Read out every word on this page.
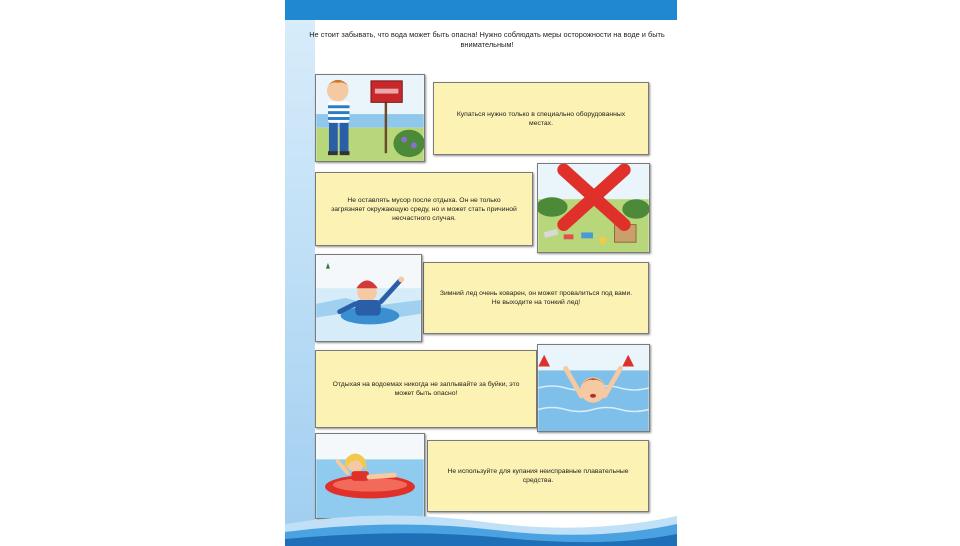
Не стоит забывать, что вода может быть опасна! Нужно соблюдать меры осторожности на воде и быть внимательным!
Купаться нужно только в специально оборудованных местах.
Не оставлять мусор после отдыха. Он не только загрязняет окружающую среду, но и может стать причиной несчастного случая.
Зимний лед очень коварен, он может провалиться под вами. Не выходите на тонкий лед!
Отдыхая на водоемах никогда не заплывайте за буйки, это может быть опасно!
Не используйте для купания неисправные плавательные средства.
